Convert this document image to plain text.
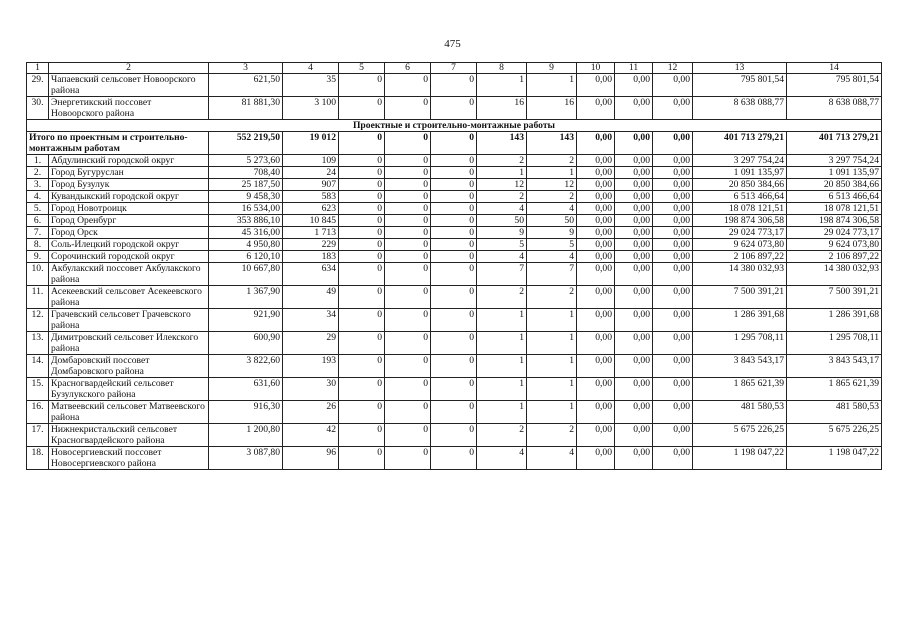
475
1	2	3	4	5	6	7	8	9	10	11	12	13	14
29.	Чапаевский сельсовет Новоорского района	621,50	35	0	0	0	1	1	0,00	0,00	0,00	795 801,54	795 801,54
30.	Энергетикский поссовет Новоорского района	81 881,30	3 100	0	0	0	16	16	0,00	0,00	0,00	8 638 088,77	8 638 088,77
Проектные и строительно-монтажные работы													
Итого по проектным и строительно-монтажным работам		552 219,50	19 012	0	0	0	143	143	0,00	0,00	0,00	401 713 279,21	401 713 279,21
1.	Абдулинский городской округ	5 273,60	109	0	0	0	2	2	0,00	0,00	0,00	3 297 754,24	3 297 754,24
2.	Город Бугуруслан	708,40	24	0	0	0	1	1	0,00	0,00	0,00	1 091 135,97	1 091 135,97
3.	Город Бузулук	25 187,50	907	0	0	0	12	12	0,00	0,00	0,00	20 850 384,66	20 850 384,66
4.	Кувандыкский городской округ	9 458,30	583	0	0	0	2	2	0,00	0,00	0,00	6 513 466,64	6 513 466,64
5.	Город Новотроицк	16 534,00	623	0	0	0	4	4	0,00	0,00	0,00	18 078 121,51	18 078 121,51
6.	Город Оренбург	353 886,10	10 845	0	0	0	50	50	0,00	0,00	0,00	198 874 306,58	198 874 306,58
7.	Город Орск	45 316,00	1 713	0	0	0	9	9	0,00	0,00	0,00	29 024 773,17	29 024 773,17
8.	Соль-Илецкий городской округ	4 950,80	229	0	0	0	5	5	0,00	0,00	0,00	9 624 073,80	9 624 073,80
9.	Сорочинский городской округ	6 120,10	183	0	0	0	4	4	0,00	0,00	0,00	2 106 897,22	2 106 897,22
10.	Акбулакский поссовет Акбулакского района	10 667,80	634	0	0	0	7	7	0,00	0,00	0,00	14 380 032,93	14 380 032,93
11.	Асекеевский сельсовет Асекеевского района	1 367,90	49	0	0	0	2	2	0,00	0,00	0,00	7 500 391,21	7 500 391,21
12.	Грачевский сельсовет Грачевского района	921,90	34	0	0	0	1	1	0,00	0,00	0,00	1 286 391,68	1 286 391,68
13.	Димитровский сельсовет Илекского района	600,90	29	0	0	0	1	1	0,00	0,00	0,00	1 295 708,11	1 295 708,11
14.	Домбаровский поссовет Домбаровского района	3 822,60	193	0	0	0	1	1	0,00	0,00	0,00	3 843 543,17	3 843 543,17
15.	Красногвардейский сельсовет Бузулукского района	631,60	30	0	0	0	1	1	0,00	0,00	0,00	1 865 621,39	1 865 621,39
16.	Матвеевский сельсовет Матвеевского района	916,30	26	0	0	0	1	1	0,00	0,00	0,00	481 580,53	481 580,53
17.	Нижнекристальский сельсовет Красногвардейского района	1 200,80	42	0	0	0	2	2	0,00	0,00	0,00	5 675 226,25	5 675 226,25
18.	Новосергиевский поссовет Новосергиевского района	3 087,80	96	0	0	0	4	4	0,00	0,00	0,00	1 198 047,22	1 198 047,22
